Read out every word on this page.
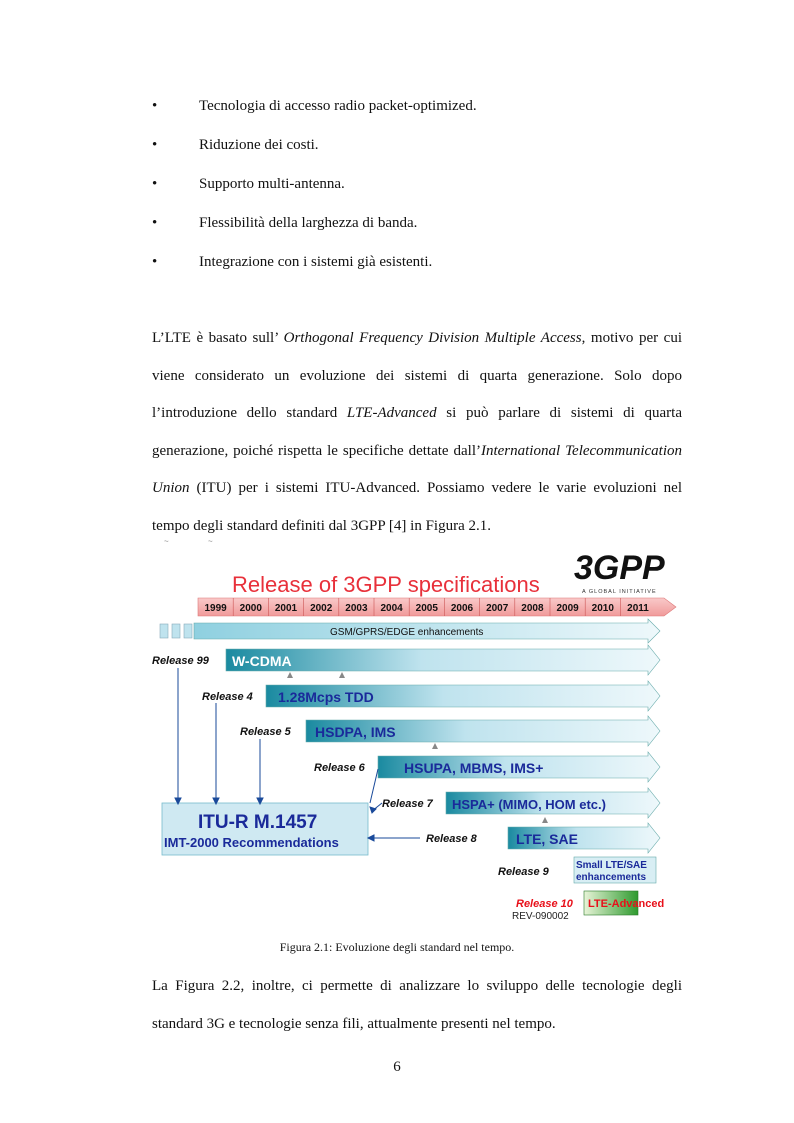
•	Tecnologia di accesso radio packet-optimized.
•	Riduzione dei costi.
•	Supporto multi-antenna.
•	Flessibilità della larghezza di banda.
•	Integrazione con i sistemi già esistenti.

L’LTE è basato sull’ Orthogonal Frequency Division Multiple Access, motivo per cui viene considerato un evoluzione dei sistemi di quarta generazione. Solo dopo l’introduzione dello standard LTE-Advanced si può parlare di sistemi di quarta generazione, poiché rispetta le specifiche dettate dall’International Telecommunication Union (ITU) per i sistemi ITU-Advanced. Possiamo vedere le varie evoluzioni nel tempo degli standard definiti dal 3GPP [4] in Figura 2.1.

~	~
Release of 3GPP specifications 3GPP
A GLOBAL INITIATIVE
1999 2000 2001 2002 2003 2004 2005 2006 2007 2008 2009 2010 2011
GSM/GPRS/EDGE enhancements
Release 99 W-CDMA
Release 4 1.28Mcps TDD
Release 5 HSDPA, IMS
Release 6	HSUPA, MBMS, IMS+
Release 7 HSPA+ (MIMO, HOM etc.)
Release 8	LTE, SAE
Release 9
Small LTE/SAE
enhancements
Release 10 LTE-Advanced
REV-090002
ITU-R M.1457
IMT-2000 Recommendations
Figura 2.1: Evoluzione degli standard nel tempo.

La Figura 2.2, inoltre, ci permette di analizzare lo sviluppo delle tecnologie degli standard 3G e tecnologie senza fili, attualmente presenti nel tempo.

6
